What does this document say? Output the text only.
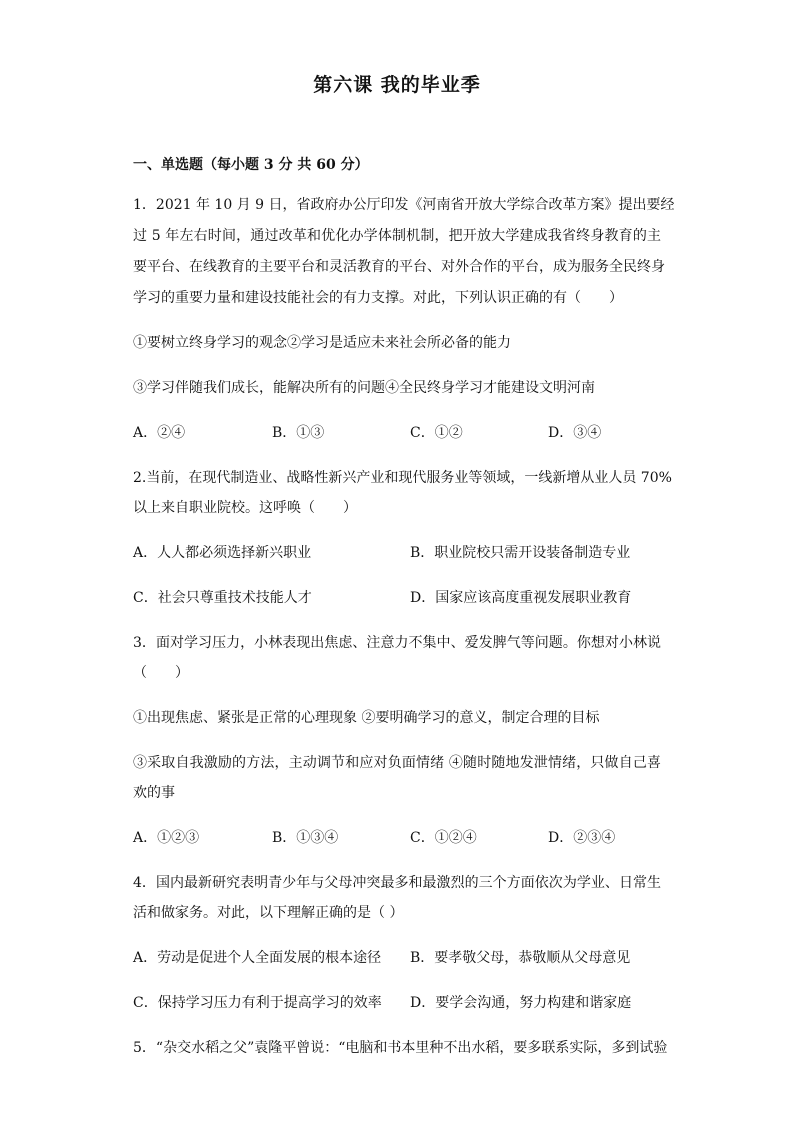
第六课 我的毕业季
一、单选题（每小题 3 分 共 60 分）
1．2021 年 10 月 9 日，省政府办公厅印发《河南省开放大学综合改革方案》提出要经
过 5 年左右时间，通过改革和优化办学体制机制，把开放大学建成我省终身教育的主
要平台、在线教育的主要平台和灵活教育的平台、对外合作的平台，成为服务全民终身
学习的重要力量和建设技能社会的有力支撑。对此，下列认识正确的有（　　）
①要树立终身学习的观念②学习是适应未来社会所必备的能力
③学习伴随我们成长，能解决所有的问题④全民终身学习才能建设文明河南
A．②④	B．①③	C．①②	D．③④
2.当前，在现代制造业、战略性新兴产业和现代服务业等领域，一线新增从业人员 70%
以上来自职业院校。这呼唤（　　）
A．人人都必须选择新兴职业	B．职业院校只需开设装备制造专业
C．社会只尊重技术技能人才	D．国家应该高度重视发展职业教育
3．面对学习压力，小林表现出焦虑、注意力不集中、爱发脾气等问题。你想对小林说
（　　）
①出现焦虑、紧张是正常的心理现象 ②要明确学习的意义，制定合理的目标
③采取自我激励的方法，主动调节和应对负面情绪 ④随时随地发泄情绪，只做自己喜
欢的事
A．①②③	B．①③④	C．①②④	D．②③④
4．国内最新研究表明青少年与父母冲突最多和最激烈的三个方面依次为学业、日常生
活和做家务。对此，以下理解正确的是（ ）
A．劳动是促进个人全面发展的根本途径 B．要孝敬父母，恭敬顺从父母意见
C．保持学习压力有利于提高学习的效率 D．要学会沟通，努力构建和谐家庭
5．“杂交水稻之父”袁隆平曾说：“电脑和书本里种不出水稻，要多联系实际，多到试验
